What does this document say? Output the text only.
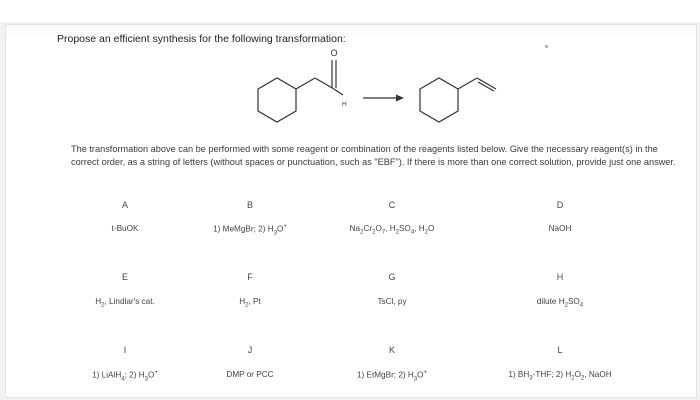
Propose an efficient synthesis for the following transformation:
O
H
The transformation above can be performed with some reagent or combination of the reagents listed below. Give the necessary reagent(s) in the correct order, as a string of letters (without spaces or punctuation, such as "EBF"). If there is more than one correct solution, provide just one answer.
A
t-BuOK
B
1) MeMgBr; 2) $H_3O^+$
C
$Na_2Cr_2O_7$, $H_2SO_4$, $H_2O$
D
NaOH
E
$H_2$, Lindlar's cat.
F
$H_2$, Pt
G
TsCl, py
H
dilute $H_2SO_4$
I
1) LiAlH$_4$; 2) $H_3O^+$
J
DMP or PCC
K
1) EtMgBr; 2) $H_3O^+$
L
1) $BH_3$-THF; 2) $H_2O_2$, NaOH
